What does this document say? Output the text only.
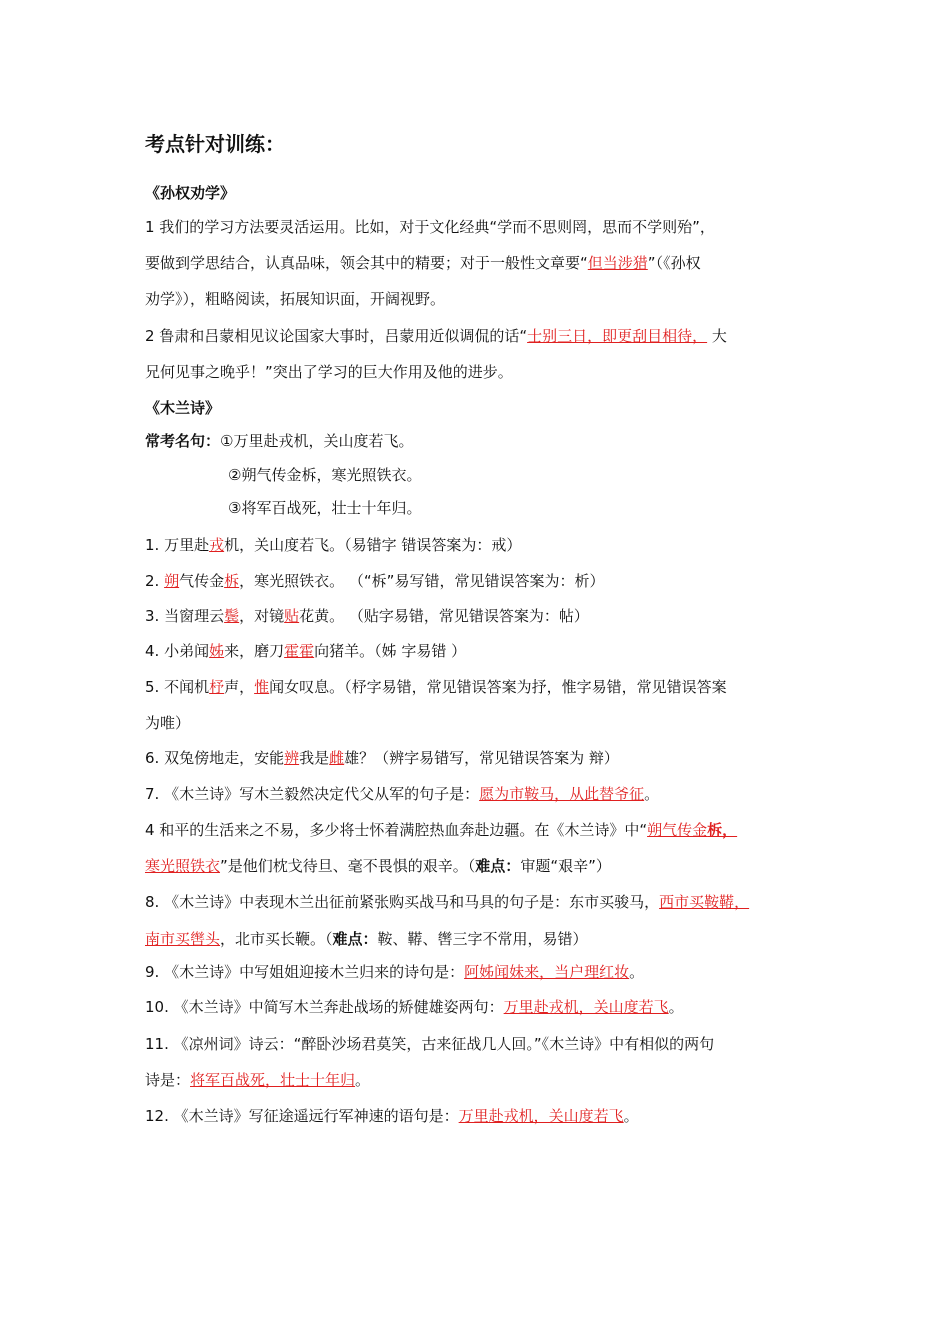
考点针对训练：
《孙权劝学》
1 我们的学习方法要灵活运用。比如，对于文化经典“学而不思则罔，思而不学则殆”，
要做到学思结合，认真品味，领会其中的精要；对于一般性文章要“但当涉猎”（《孙权
劝学》），粗略阅读，拓展知识面，开阔视野。
2 鲁肃和吕蒙相见议论国家大事时，吕蒙用近似调侃的话“士别三日，即更刮目相待， 大
兄何见事之晚乎！”突出了学习的巨大作用及他的进步。
《木兰诗》
常考名句：①万里赴戎机，关山度若飞。
②朔气传金柝，寒光照铁衣。
③将军百战死，壮士十年归。
1. 万里赴戎机，关山度若飞。（易错字 错误答案为：戒）
2. 朔气传金柝，寒光照铁衣。 （“柝”易写错，常见错误答案为：析）
3. 当窗理云鬓，对镜贴花黄。 （贴字易错，常见错误答案为：帖）
4. 小弟闻姊来，磨刀霍霍向猪羊。（姊 字易错 ）
5. 不闻机杼声，惟闻女叹息。（杼字易错，常见错误答案为抒，惟字易错，常见错误答案
为唯）
6. 双兔傍地走，安能辨我是雌雄？（辨字易错写，常见错误答案为 辩）
7. 《木兰诗》写木兰毅然决定代父从军的句子是：愿为市鞍马，从此替爷征。
4 和平的生活来之不易，多少将士怀着满腔热血奔赴边疆。在《木兰诗》中“朔气传金柝，
寒光照铁衣”是他们枕戈待旦、毫不畏惧的艰辛。（难点：审题“艰辛”）
8. 《木兰诗》中表现木兰出征前紧张购买战马和马具的句子是：东市买骏马，西市买鞍鞯，
南市买辔头，北市买长鞭。（难点：鞍、鞯、辔三字不常用，易错）
9. 《木兰诗》中写姐姐迎接木兰归来的诗句是：阿姊闻妹来，当户理红妆。
10. 《木兰诗》中简写木兰奔赴战场的矫健雄姿两句：万里赴戎机，关山度若飞。
11. 《凉州词》诗云：“醉卧沙场君莫笑，古来征战几人回。”《木兰诗》中有相似的两句
诗是：将军百战死，壮士十年归。
12. 《木兰诗》写征途遥远行军神速的语句是：万里赴戎机，关山度若飞。
